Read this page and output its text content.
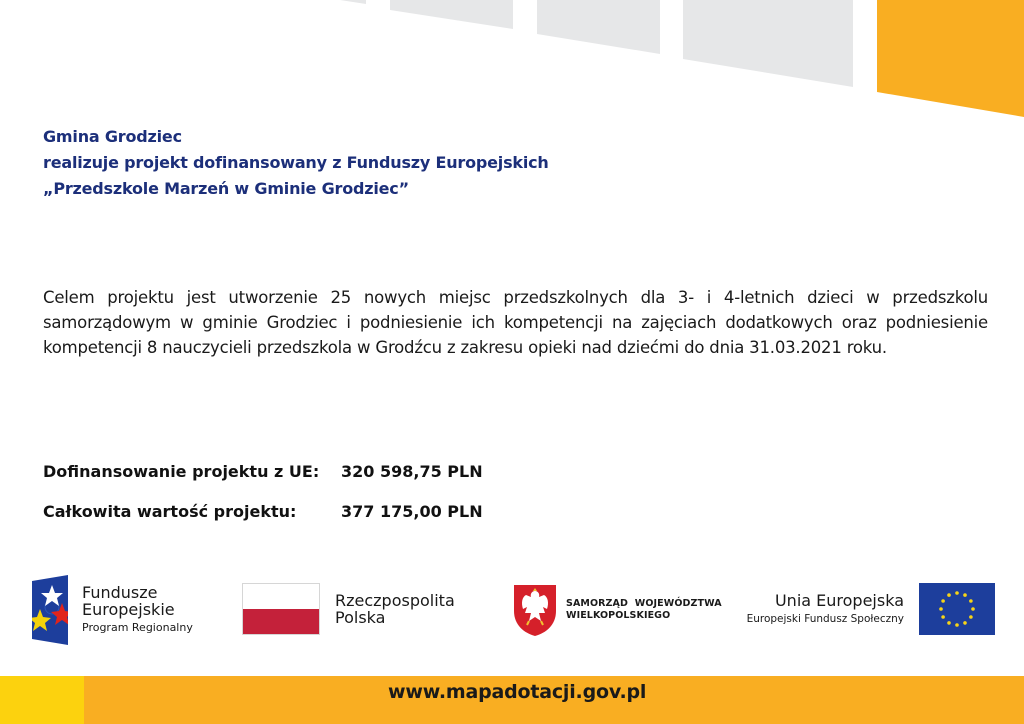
Gmina Grodziec
realizuje projekt dofinansowany z Funduszy Europejskich
„Przedszkole Marzeń w Gminie Grodziec”

Celem projektu jest utworzenie 25 nowych miejsc przedszkolnych dla 3- i 4-letnich dzieci w przedszkolu samorządowym w gminie Grodziec i podniesienie ich kompetencji na zajęciach dodatkowych oraz podniesienie kompetencji 8 nauczycieli przedszkola w Grodźcu z zakresu opieki nad dziećmi do dnia 31.03.2021 roku.

Dofinansowanie projektu z UE:	320 598,75 PLN
Całkowita wartość projektu:	377 175,00 PLN
Fundusze
Europejskie
Program Regionalny
Rzeczpospolita
Polska
SAMORZĄD  WOJEWÓDZTWA
WIELKOPOLSKIEGO
Unia Europejska
Europejski Fundusz Społeczny
www.mapadotacji.gov.pl
